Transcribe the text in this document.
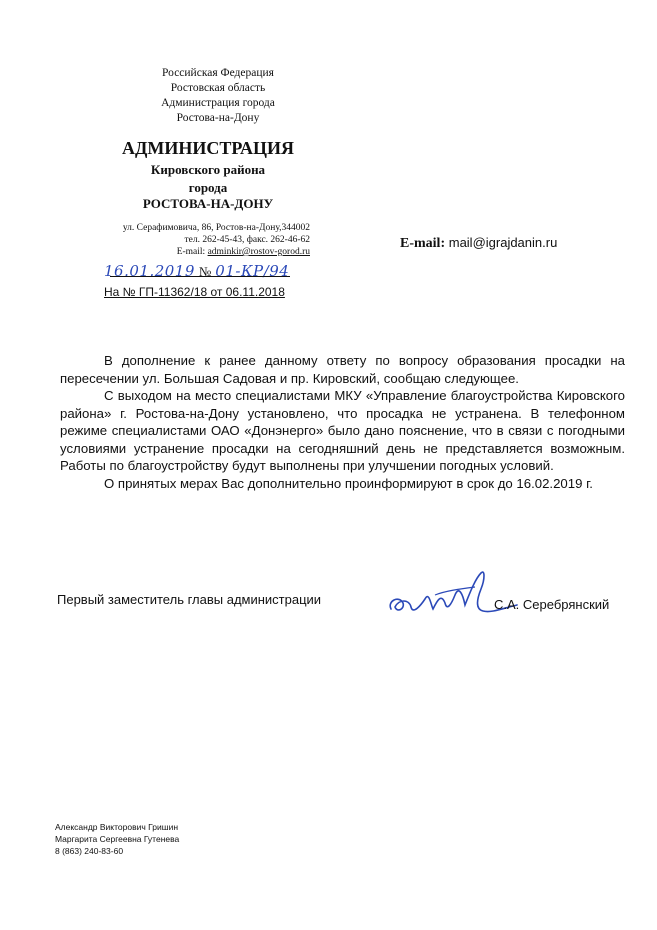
Российская Федерация
Ростовская область
Администрация города
Ростова-на-Дону
АДМИНИСТРАЦИЯ
Кировского района
города
РОСТОВА-НА-ДОНУ
ул. Серафимовича, 86, Ростов-на-Дону,344002
тел. 262-45-43, факс. 262-46-62
E-mail: adminkir@rostov-gorod.ru
E-mail: mail@igrajdanin.ru
16.01.2019 № 01-КР/94
На № ГП-11362/18 от 06.11.2018

В дополнение к ранее данному ответу по вопросу образования просадки на пересечении ул. Большая Садовая и пр. Кировский, сообщаю следующее.

С выходом на место специалистами МКУ «Управление благоустройства Кировского района» г. Ростова-на-Дону установлено, что просадка не устранена. В телефонном режиме специалистами ОАО «Донэнерго» было дано пояснение, что в связи с погодными условиями устранение просадки на сегодняшний день не представляется возможным. Работы по благоустройству будут выполнены при улучшении погодных условий.

О принятых мерах Вас дополнительно проинформируют в срок до 16.02.2019 г.

Первый заместитель главы администрации	С.А. Серебрянский
Александр Викторович Гришин
Маргарита Сергеевна Гутенева
8 (863) 240-83-60
